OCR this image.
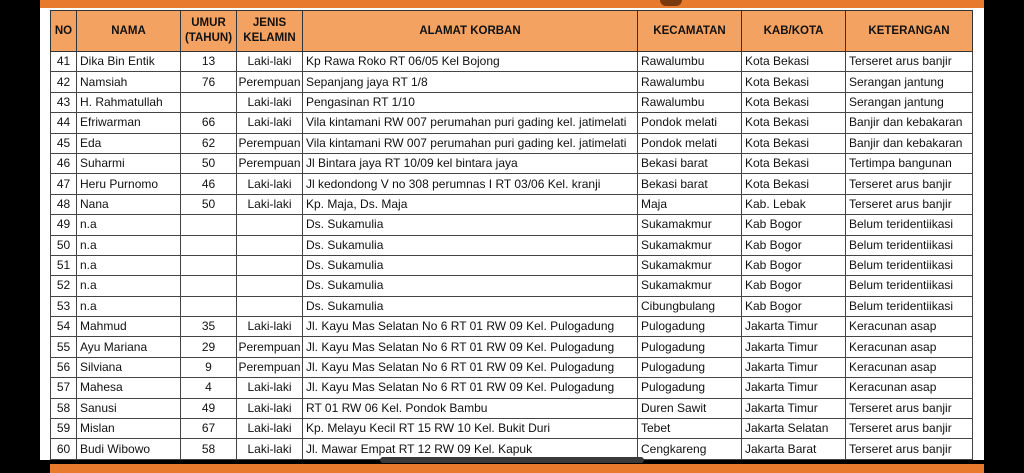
NO	NAMA	UMUR (TAHUN)	JENIS KELAMIN	ALAMAT KORBAN	KECAMATAN	KAB/KOTA	KETERANGAN
41	Dika Bin Entik	13	Laki-laki	Kp Rawa Roko RT 06/05 Kel Bojong	Rawalumbu	Kota Bekasi	Terseret arus banjir
42	Namsiah	76	Perempuan	Sepanjang jaya RT 1/8	Rawalumbu	Kota Bekasi	Serangan jantung
43	H. Rahmatullah		Laki-laki	Pengasinan RT 1/10	Rawalumbu	Kota Bekasi	Serangan jantung
44	Efriwarman	66	Laki-laki	Vila kintamani RW 007 perumahan puri gading kel. jatimelati	Pondok melati	Kota Bekasi	Banjir dan kebakaran
45	Eda	62	Perempuan	Vila kintamani RW 007 perumahan puri gading kel. jatimelati	Pondok melati	Kota Bekasi	Banjir dan kebakaran
46	Suharmi	50	Perempuan	Jl Bintara jaya RT 10/09 kel bintara jaya	Bekasi barat	Kota Bekasi	Tertimpa bangunan
47	Heru Purnomo	46	Laki-laki	Jl kedondong V no 308 perumnas I RT 03/06 Kel. kranji	Bekasi barat	Kota Bekasi	Terseret arus banjir
48	Nana	50	Laki-laki	Kp. Maja, Ds. Maja	Maja	Kab. Lebak	Terseret arus banjir
49	n.a			Ds. Sukamulia	Sukamakmur	Kab Bogor	Belum teridentiikasi
50	n.a			Ds. Sukamulia	Sukamakmur	Kab Bogor	Belum teridentiikasi
51	n.a			Ds. Sukamulia	Sukamakmur	Kab Bogor	Belum teridentiikasi
52	n.a			Ds. Sukamulia	Sukamakmur	Kab Bogor	Belum teridentiikasi
53	n.a			Ds. Sukamulia	Cibungbulang	Kab Bogor	Belum teridentiikasi
54	Mahmud	35	Laki-laki	Jl. Kayu Mas Selatan No 6 RT 01 RW 09 Kel. Pulogadung	Pulogadung	Jakarta Timur	Keracunan asap
55	Ayu Mariana	29	Perempuan	Jl. Kayu Mas Selatan No 6 RT 01 RW 09 Kel. Pulogadung	Pulogadung	Jakarta Timur	Keracunan asap
56	Silviana	9	Perempuan	Jl. Kayu Mas Selatan No 6 RT 01 RW 09 Kel. Pulogadung	Pulogadung	Jakarta Timur	Keracunan asap
57	Mahesa	4	Laki-laki	Jl. Kayu Mas Selatan No 6 RT 01 RW 09 Kel. Pulogadung	Pulogadung	Jakarta Timur	Keracunan asap
58	Sanusi	49	Laki-laki	RT 01 RW 06 Kel. Pondok Bambu	Duren Sawit	Jakarta Timur	Terseret arus banjir
59	Mislan	67	Laki-laki	Kp. Melayu Kecil RT 15 RW 10 Kel. Bukit Duri	Tebet	Jakarta Selatan	Terseret arus banjir
60	Budi Wibowo	58	Laki-laki	Jl. Mawar Empat RT 12 RW 09 Kel. Kapuk	Cengkareng	Jakarta Barat	Terseret arus banjir
